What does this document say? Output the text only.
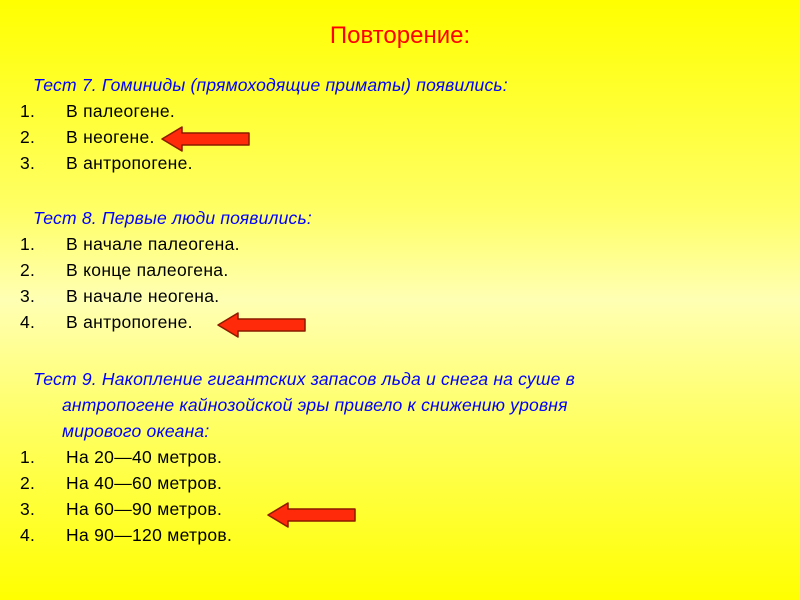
Повторение:
Тест 7. Гоминиды (прямоходящие приматы) появились:
1. В палеогене.
2. В неогене.
3. В антропогене.
Тест 8. Первые люди появились:
1. В начале палеогена.
2. В конце палеогена.
3. В начале неогена.
4. В антропогене.
Тест 9. Накопление гигантских запасов льда и снега на суше в
антропогене кайнозойской эры привело к снижению уровня
мирового океана:
1. На 20—40 метров.
2. На 40—60 метров.
3. На 60—90 метров.
4. На 90—120 метров.
